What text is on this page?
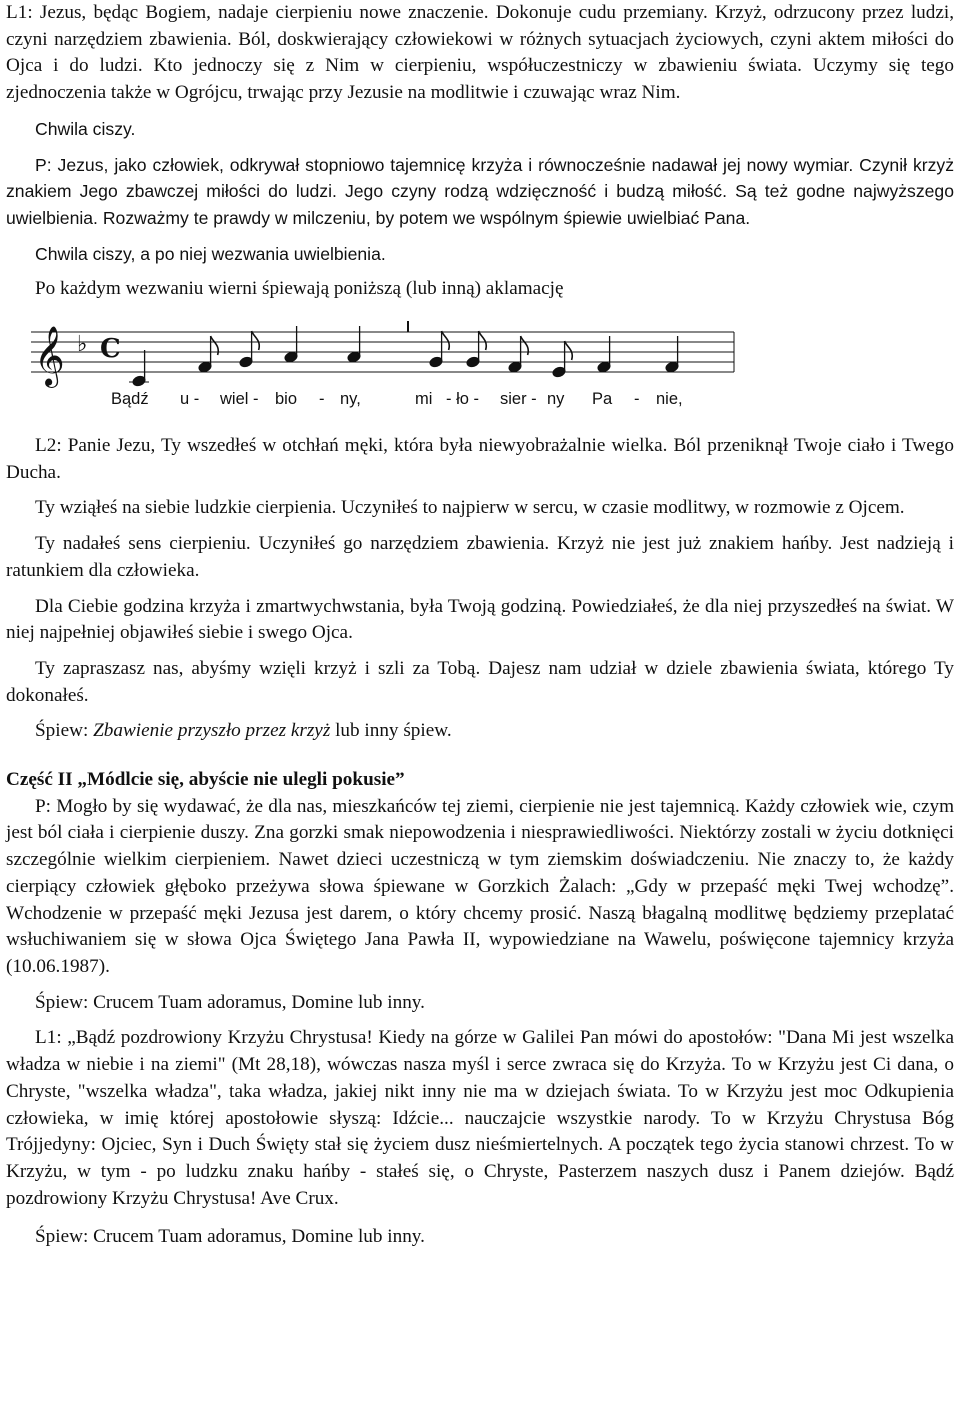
L1: Jezus, będąc Bogiem, nadaje cierpieniu nowe znaczenie. Dokonuje cudu przemiany. Krzyż, odrzucony przez ludzi, czyni narzędziem zbawienia. Ból, doskwierający człowiekowi w różnych sytuacjach życiowych, czyni aktem miłości do Ojca i do ludzi. Kto jednoczy się z Nim w cierpieniu, współuczestniczy w zbawieniu świata. Uczymy się tego zjednoczenia także w Ogrójcu, trwając przy Jezusie na modlitwie i czuwając wraz Nim.

Chwila ciszy.

P: Jezus, jako człowiek, odkrywał stopniowo tajemnicę krzyża i równocześnie nadawał jej nowy wymiar. Czynił krzyż znakiem Jego zbawczej miłości do ludzi. Jego czyny rodzą wdzięczność i budzą miłość. Są też godne najwyższego uwielbienia. Rozważmy te prawdy w milczeniu, by potem we wspólnym śpiewie uwielbiać Pana.

Chwila ciszy, a po niej wezwania uwielbienia.

Po każdym wezwaniu wierni śpiewają poniższą (lub inną) aklamację

𝄞 ♭ C
Bądź u - wiel - bio - ny,	mi - ło - sier - ny Pa - nie,

L2: Panie Jezu, Ty wszedłeś w otchłań męki, która była niewyobrażalnie wielka. Ból przeniknął Twoje ciało i Twego Ducha.

Ty wziąłeś na siebie ludzkie cierpienia. Uczyniłeś to najpierw w sercu, w czasie modlitwy, w rozmowie z Ojcem.

Ty nadałeś sens cierpieniu. Uczyniłeś go narzędziem zbawienia. Krzyż nie jest już znakiem hańby. Jest nadzieją i ratunkiem dla człowieka.

Dla Ciebie godzina krzyża i zmartwychwstania, była Twoją godziną. Powiedziałeś, że dla niej przyszedłeś na świat. W niej najpełniej objawiłeś siebie i swego Ojca.

Ty zapraszasz nas, abyśmy wzięli krzyż i szli za Tobą. Dajesz nam udział w dziele zbawienia świata, którego Ty dokonałeś.

Śpiew: Zbawienie przyszło przez krzyż lub inny śpiew.

Część II „Módlcie się, abyście nie ulegli pokusie”

P: Mogło by się wydawać, że dla nas, mieszkańców tej ziemi, cierpienie nie jest tajemnicą. Każdy człowiek wie, czym jest ból ciała i cierpienie duszy. Zna gorzki smak niepowodzenia i niesprawiedliwości. Niektórzy zostali w życiu dotknięci szczególnie wielkim cierpieniem. Nawet dzieci uczestniczą w tym ziemskim doświadczeniu. Nie znaczy to, że każdy cierpiący człowiek głęboko przeżywa słowa śpiewane w Gorzkich Żalach: „Gdy w przepaść męki Twej wchodzę”. Wchodzenie w przepaść męki Jezusa jest darem, o który chcemy prosić. Naszą błagalną modlitwę będziemy przeplatać wsłuchiwaniem się w słowa Ojca Świętego Jana Pawła II, wypowiedziane na Wawelu, poświęcone tajemnicy krzyża (10.06.1987).

Śpiew: Crucem Tuam adoramus, Domine lub inny.

L1: „Bądź pozdrowiony Krzyżu Chrystusa! Kiedy na górze w Galilei Pan mówi do apostołów: "Dana Mi jest wszelka władza w niebie i na ziemi" (Mt 28,18), wówczas nasza myśl i serce zwraca się do Krzyża. To w Krzyżu jest Ci dana, o Chryste, "wszelka władza", taka władza, jakiej nikt inny nie ma w dziejach świata. To w Krzyżu jest moc Odkupienia człowieka, w imię której apostołowie słyszą: Idźcie... nauczajcie wszystkie narody. To w Krzyżu Chrystusa Bóg Trójjedyny: Ojciec, Syn i Duch Święty stał się życiem dusz nieśmiertelnych. A początek tego życia stanowi chrzest. To w Krzyżu, w tym - po ludzku znaku hańby - stałeś się, o Chryste, Pasterzem naszych dusz i Panem dziejów. Bądź pozdrowiony Krzyżu Chrystusa! Ave Crux.

Śpiew: Crucem Tuam adoramus, Domine lub inny.
